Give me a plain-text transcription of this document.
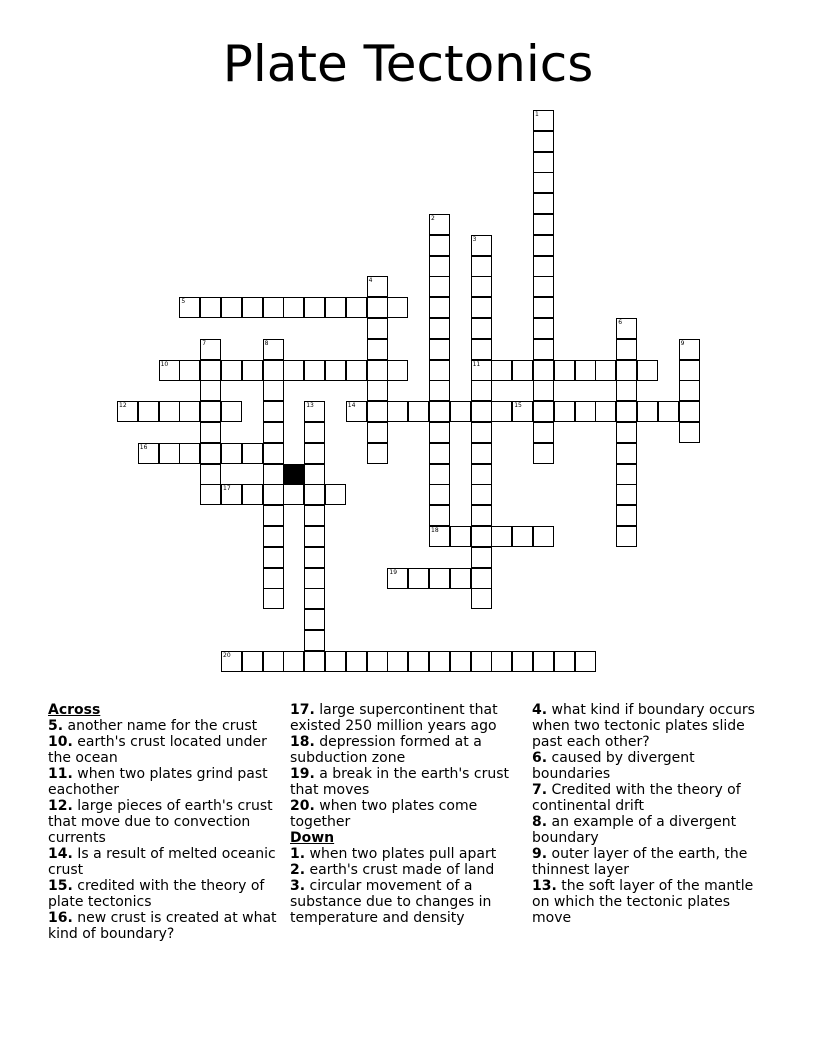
Plate Tectonics
1
2
18
3
11
4
5
6
7	8	9
10
12	13	14	15
16
17
19
20

Across

5. another name for the crust

10. earth's crust located under the ocean

11. when two plates grind past eachother

12. large pieces of earth's crust that move due to convection currents

14. Is a result of melted oceanic crust

15. credited with the theory of plate tectonics

16. new crust is created at what kind of boundary?

17. large supercontinent that existed 250 million years ago

18. depression formed at a subduction zone

19. a break in the earth's crust that moves

20. when two plates come together

Down

1. when two plates pull apart

2. earth's crust made of land

3. circular movement of a substance due to changes in temperature and density

4. what kind if boundary occurs when two tectonic plates slide past each other?

6. caused by divergent boundaries

7. Credited with the theory of continental drift

8. an example of a divergent boundary

9. outer layer of the earth, the thinnest layer

13. the soft layer of the mantle on which the tectonic plates move
